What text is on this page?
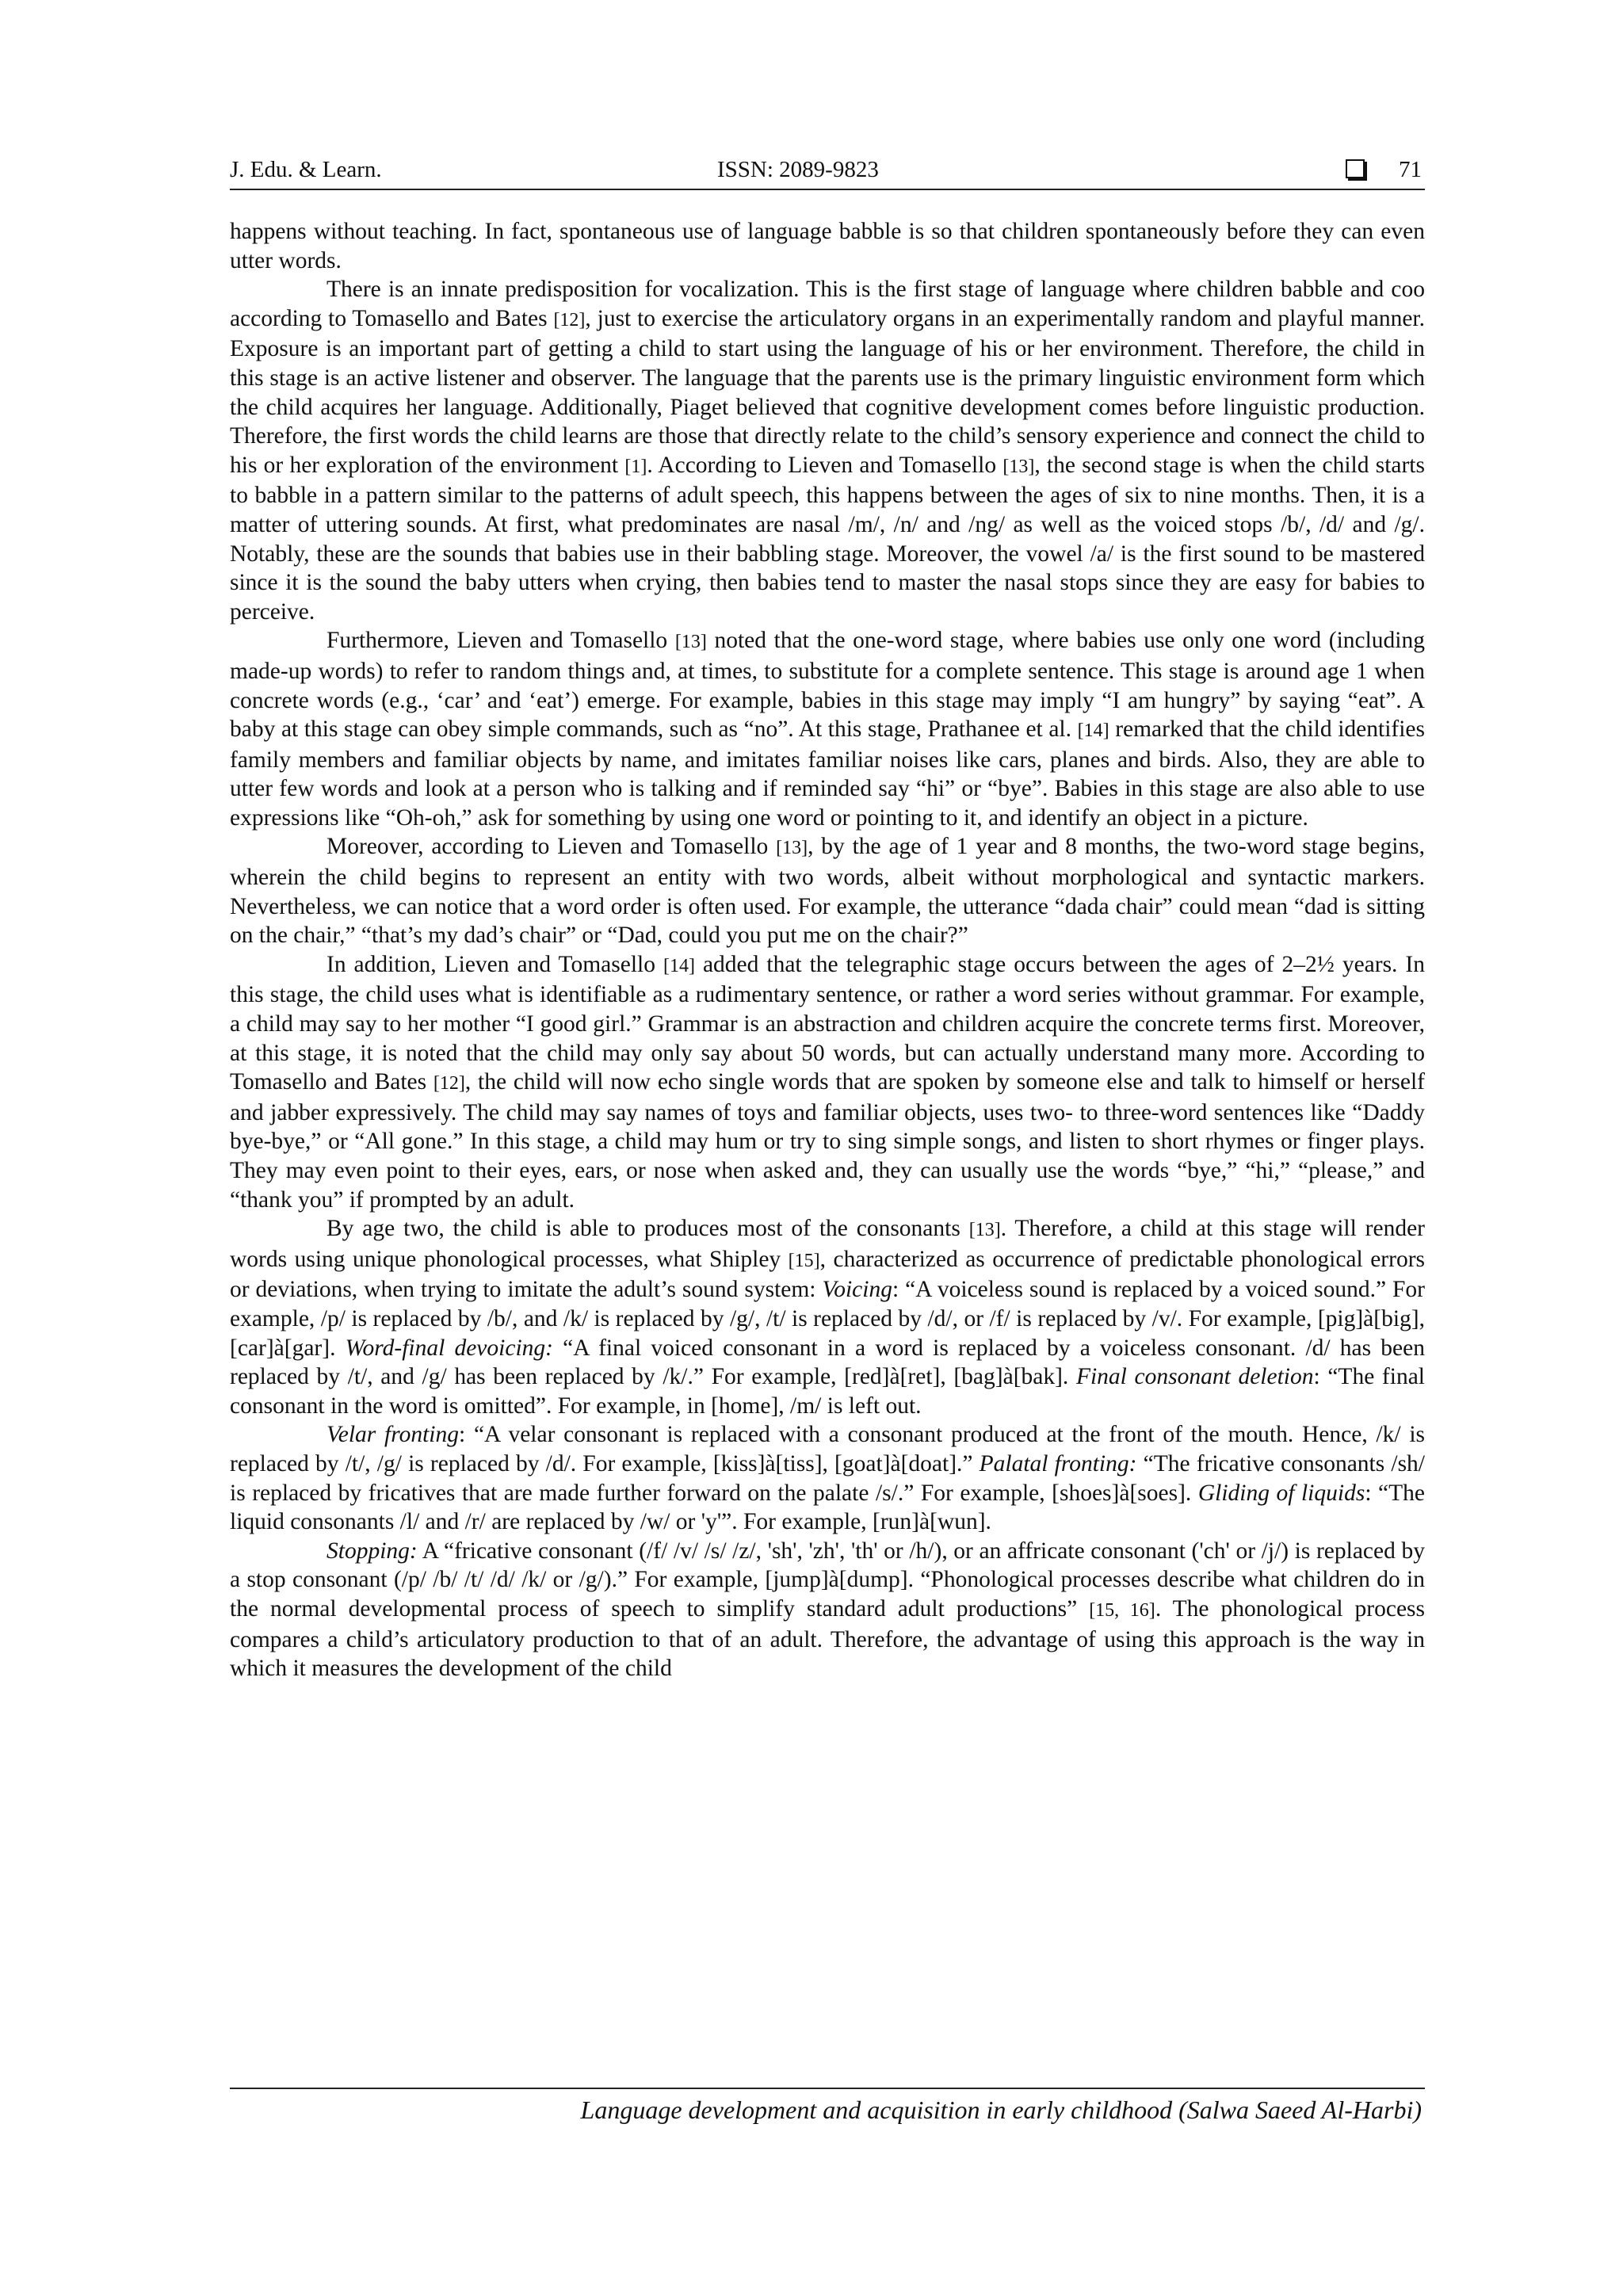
J. Edu. & Learn.	ISSN: 2089-9823	71

happens without teaching. In fact, spontaneous use of language babble is so that children spontaneously before they can even utter words.

There is an innate predisposition for vocalization. This is the first stage of language where children babble and coo according to Tomasello and Bates [12], just to exercise the articulatory organs in an experimentally random and playful manner. Exposure is an important part of getting a child to start using the language of his or her environment. Therefore, the child in this stage is an active listener and observer. The language that the parents use is the primary linguistic environment form which the child acquires her language. Additionally, Piaget believed that cognitive development comes before linguistic production. Therefore, the first words the child learns are those that directly relate to the child’s sensory experience and connect the child to his or her exploration of the environment [1]. According to Lieven and Tomasello [13], the second stage is when the child starts to babble in a pattern similar to the patterns of adult speech, this happens between the ages of six to nine months. Then, it is a matter of uttering sounds. At first, what predominates are nasal /m/, /n/ and /ng/ as well as the voiced stops /b/, /d/ and /g/. Notably, these are the sounds that babies use in their babbling stage. Moreover, the vowel /a/ is the first sound to be mastered since it is the sound the baby utters when crying, then babies tend to master the nasal stops since they are easy for babies to perceive.

Furthermore, Lieven and Tomasello [13] noted that the one-word stage, where babies use only one word (including made-up words) to refer to random things and, at times, to substitute for a complete sentence. This stage is around age 1 when concrete words (e.g., ‘car’ and ‘eat’) emerge. For example, babies in this stage may imply “I am hungry” by saying “eat”. A baby at this stage can obey simple commands, such as “no”. At this stage, Prathanee et al. [14] remarked that the child identifies family members and familiar objects by name, and imitates familiar noises like cars, planes and birds. Also, they are able to utter few words and look at a person who is talking and if reminded say “hi” or “bye”. Babies in this stage are also able to use expressions like “Oh-oh,” ask for something by using one word or pointing to it, and identify an object in a picture.

Moreover, according to Lieven and Tomasello [13], by the age of 1 year and 8 months, the two-word stage begins, wherein the child begins to represent an entity with two words, albeit without morphological and syntactic markers. Nevertheless, we can notice that a word order is often used. For example, the utterance “dada chair” could mean “dad is sitting on the chair,” “that’s my dad’s chair” or “Dad, could you put me on the chair?”

In addition, Lieven and Tomasello [14] added that the telegraphic stage occurs between the ages of 2–2½ years. In this stage, the child uses what is identifiable as a rudimentary sentence, or rather a word series without grammar. For example, a child may say to her mother “I good girl.” Grammar is an abstraction and children acquire the concrete terms first. Moreover, at this stage, it is noted that the child may only say about 50 words, but can actually understand many more. According to Tomasello and Bates [12], the child will now echo single words that are spoken by someone else and talk to himself or herself and jabber expressively. The child may say names of toys and familiar objects, uses two- to three-word sentences like “Daddy bye-bye,” or “All gone.” In this stage, a child may hum or try to sing simple songs, and listen to short rhymes or finger plays. They may even point to their eyes, ears, or nose when asked and, they can usually use the words “bye,” “hi,” “please,” and “thank you” if prompted by an adult.

By age two, the child is able to produces most of the consonants [13]. Therefore, a child at this stage will render words using unique phonological processes, what Shipley [15], characterized as occurrence of predictable phonological errors or deviations, when trying to imitate the adult’s sound system: Voicing: “A voiceless sound is replaced by a voiced sound.” For example, /p/ is replaced by /b/, and /k/ is replaced by /g/, /t/ is replaced by /d/, or /f/ is replaced by /v/. For example, [pig]à[big], [car]à[gar]. Word-final devoicing: “A final voiced consonant in a word is replaced by a voiceless consonant. /d/ has been replaced by /t/, and /g/ has been replaced by /k/.” For example, [red]à[ret], [bag]à[bak]. Final consonant deletion: “The final consonant in the word is omitted”. For example, in [home], /m/ is left out.

Velar fronting: “A velar consonant is replaced with a consonant produced at the front of the mouth. Hence, /k/ is replaced by /t/, /g/ is replaced by /d/. For example, [kiss]à[tiss], [goat]à[doat].” Palatal fronting: “The fricative consonants /sh/ is replaced by fricatives that are made further forward on the palate /s/.” For example, [shoes]à[soes]. Gliding of liquids: “The liquid consonants /l/ and /r/ are replaced by /w/ or 'y'”. For example, [run]à[wun].

Stopping: A “fricative consonant (/f/ /v/ /s/ /z/, 'sh', 'zh', 'th' or /h/), or an affricate consonant ('ch' or /j/) is replaced by a stop consonant (/p/ /b/ /t/ /d/ /k/ or /g/).” For example, [jump]à[dump]. “Phonological processes describe what children do in the normal developmental process of speech to simplify standard adult productions” [15, 16]. The phonological process compares a child’s articulatory production to that of an adult. Therefore, the advantage of using this approach is the way in which it measures the development of the child

Language development and acquisition in early childhood (Salwa Saeed Al-Harbi)
